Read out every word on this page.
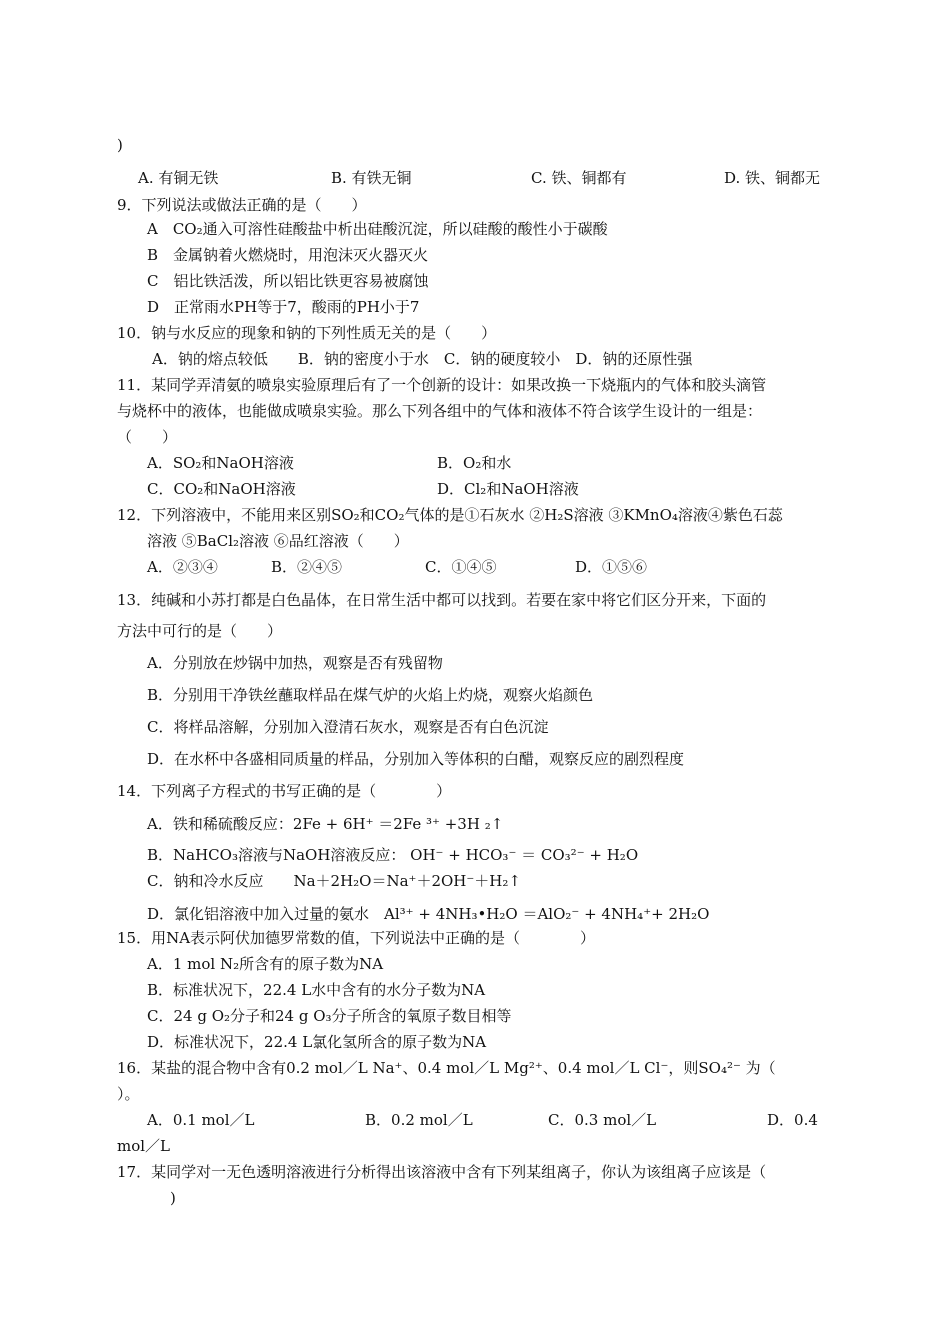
)
A. 有铜无铁	B. 有铁无铜	C. 铁、铜都有	D. 铁、铜都无
9．下列说法或做法正确的是（　　）
A　CO₂通入可溶性硅酸盐中析出硅酸沉淀，所以硅酸的酸性小于碳酸
B　金属钠着火燃烧时，用泡沫灭火器灭火
C　铝比铁活泼，所以铝比铁更容易被腐蚀
D　正常雨水PH等于7，酸雨的PH小于7
10．钠与水反应的现象和钠的下列性质无关的是（　　）
A．钠的熔点较低　　B．钠的密度小于水　C．钠的硬度较小　D．钠的还原性强
11．某同学弄清氨的喷泉实验原理后有了一个创新的设计：如果改换一下烧瓶内的气体和胶头滴管
与烧杯中的液体，也能做成喷泉实验。那么下列各组中的气体和液体不符合该学生设计的一组是：
（　　）
A．SO₂和NaOH溶液	B．O₂和水
C．CO₂和NaOH溶液	D．Cl₂和NaOH溶液
12．下列溶液中，不能用来区别SO₂和CO₂气体的是①石灰水 ②H₂S溶液 ③KMnO₄溶液④紫色石蕊
溶液 ⑤BaCl₂溶液 ⑥品红溶液（　　）
A．②③④	B．②④⑤	C．①④⑤	D．①⑤⑥
13．纯碱和小苏打都是白色晶体，在日常生活中都可以找到。若要在家中将它们区分开来，下面的
方法中可行的是（　　）
A．分别放在炒锅中加热，观察是否有残留物
B．分别用干净铁丝蘸取样品在煤气炉的火焰上灼烧，观察火焰颜色
C．将样品溶解，分别加入澄清石灰水，观察是否有白色沉淀
D．在水杯中各盛相同质量的样品，分别加入等体积的白醋，观察反应的剧烈程度
14．下列离子方程式的书写正确的是（　　　　）
A．铁和稀硫酸反应：2Fe + 6H⁺ ＝2Fe ³⁺ +3H ₂↑
B．NaHCO₃溶液与NaOH溶液反应： OH⁻ + HCO₃⁻ ＝ CO₃²⁻ + H₂O
C．钠和冷水反应　　Na＋2H₂O＝Na⁺＋2OH⁻＋H₂↑
D．氯化铝溶液中加入过量的氨水　Al³⁺ + 4NH₃•H₂O ＝AlO₂⁻ + 4NH₄⁺+ 2H₂O
15．用NA表示阿伏加德罗常数的值，下列说法中正确的是（　　　　）
A．1 mol N₂所含有的原子数为NA
B．标准状况下，22.4 L水中含有的水分子数为NA
C．24 g O₂分子和24 g O₃分子所含的氧原子数目相等
D．标准状况下，22.4 L氯化氢所含的原子数为NA
16．某盐的混合物中含有0.2 mol／L Na⁺、0.4 mol／L Mg²⁺、0.4 mol／L Cl⁻，则SO₄²⁻ 为（
）。
A．0.1 mol／L	B．0.2 mol／L	C．0.3 mol／L	D．0.4
mol／L
17．某同学对一无色透明溶液进行分析得出该溶液中含有下列某组离子，你认为该组离子应该是（
)
